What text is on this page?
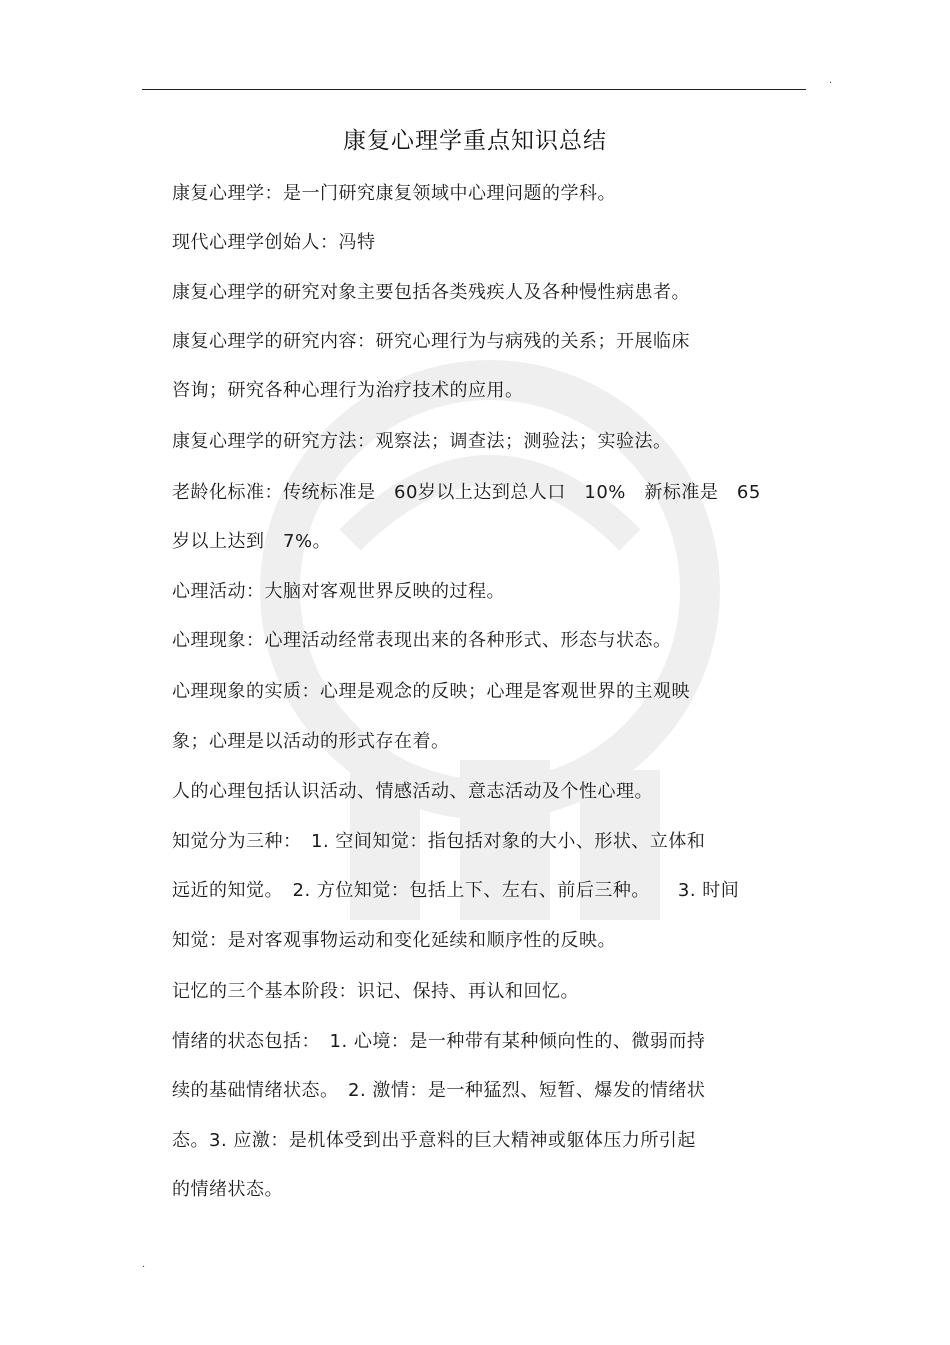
.
康复心理学重点知识总结
康复心理学：是一门研究康复领域中心理问题的学科。
现代心理学创始人：冯特
康复心理学的研究对象主要包括各类残疾人及各种慢性病患者。
康复心理学的研究内容：研究心理行为与病残的关系；开展临床
咨询；研究各种心理行为治疗技术的应用。
康复心理学的研究方法：观察法；调查法；测验法；实验法。
老龄化标准：传统标准是　60岁以上达到总人口　10%　新标准是　65
岁以上达到　7%。
心理活动：大脑对客观世界反映的过程。
心理现象：心理活动经常表现出来的各种形式、形态与状态。
心理现象的实质：心理是观念的反映；心理是客观世界的主观映
象；心理是以活动的形式存在着。
人的心理包括认识活动、情感活动、意志活动及个性心理。
知觉分为三种：　1. 空间知觉：指包括对象的大小、形状、立体和
远近的知觉。　2. 方位知觉：包括上下、左右、前后三种。　　3. 时间
知觉：是对客观事物运动和变化延续和顺序性的反映。
记忆的三个基本阶段：识记、保持、再认和回忆。
情绪的状态包括：　1. 心境：是一种带有某种倾向性的、微弱而持
续的基础情绪状态。　2. 激情：是一种猛烈、短暂、爆发的情绪状
态。3. 应激：是机体受到出乎意料的巨大精神或躯体压力所引起
的情绪状态。
.
